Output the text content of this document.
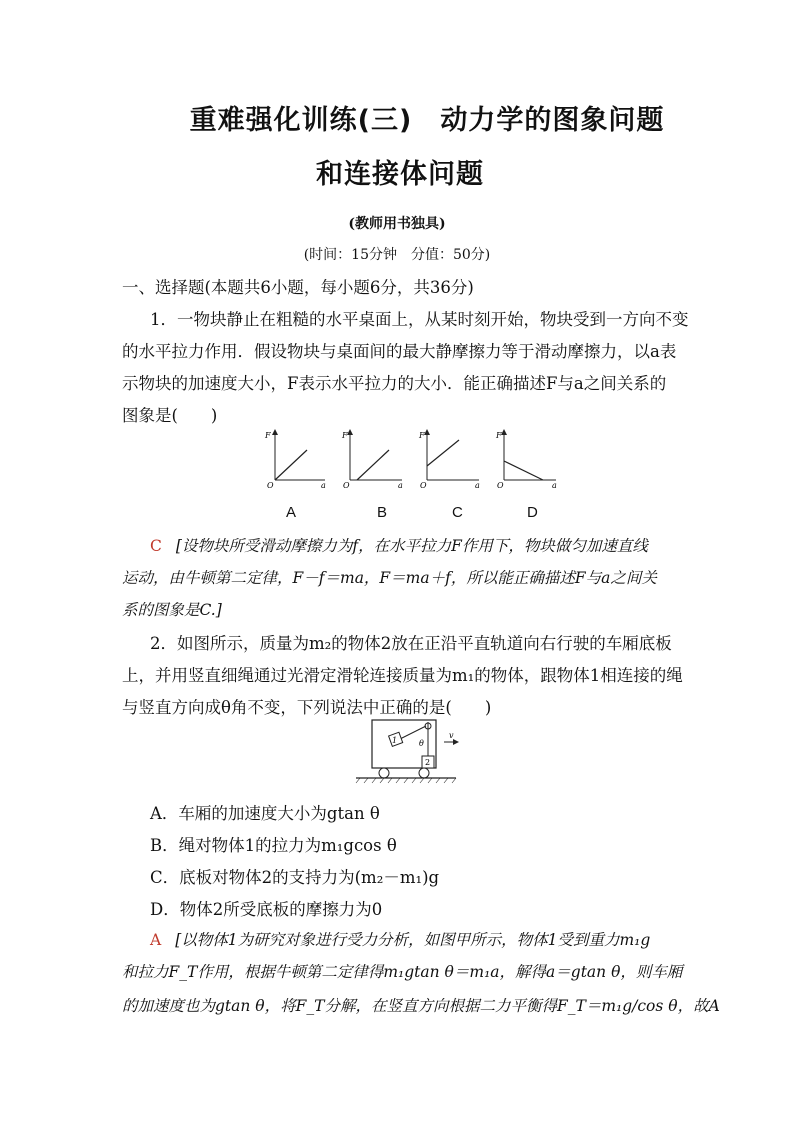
重难强化训练(三)　动力学的图象问题
和连接体问题
(教师用书独具)
(时间：15分钟　分值：50分)
一、选择题(本题共6小题，每小题6分，共36分)
1．一物块静止在粗糙的水平桌面上，从某时刻开始，物块受到一方向不变
的水平拉力作用．假设物块与桌面间的最大静摩擦力等于滑动摩擦力，以a表
示物块的加速度大小，F表示水平拉力的大小．能正确描述F与a之间关系的
图象是(　　)
F
O	a
F
O	a
F
O	a
F
O	a
A	B	C	D
C [设物块所受滑动摩擦力为f，在水平拉力F作用下，物块做匀加速直线
运动，由牛顿第二定律，F－f＝ma，F＝ma＋f，所以能正确描述F与a之间关
系的图象是C.]
2．如图所示，质量为m₂的物体2放在正沿平直轨道向右行驶的车厢底板
上，并用竖直细绳通过光滑定滑轮连接质量为m₁的物体，跟物体1相连接的绳
与竖直方向成θ角不变，下列说法中正确的是(　　)
1	θ
2
v
A．车厢的加速度大小为gtan θ
B．绳对物体1的拉力为m₁gcos θ
C．底板对物体2的支持力为(m₂－m₁)g
D．物体2所受底板的摩擦力为0
A [以物体1为研究对象进行受力分析，如图甲所示，物体1受到重力m₁g
和拉力F_T作用，根据牛顿第二定律得m₁gtan θ＝m₁a，解得a＝gtan θ，则车厢
的加速度也为gtan θ，将F_T分解，在竖直方向根据二力平衡得F_T＝m₁g/cos θ，故A
